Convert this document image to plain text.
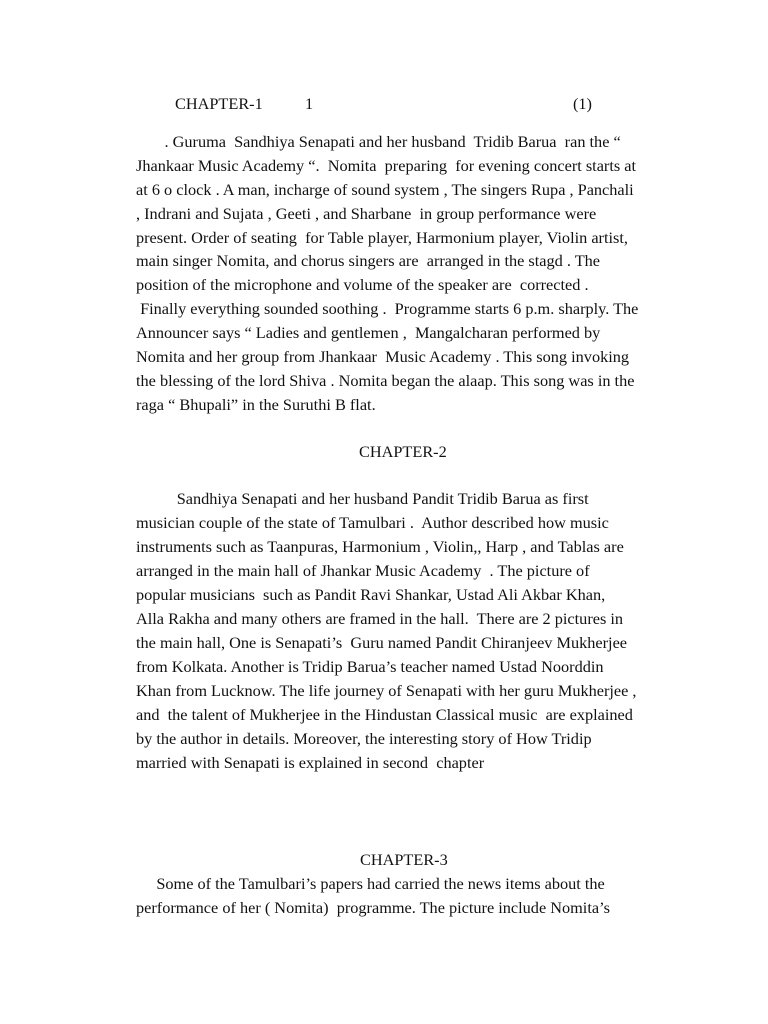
CHAPTER-1	1	(1)
. Guruma  Sandhiya Senapati and her husband  Tridib Barua  ran the “
Jhankaar Music Academy “.  Nomita  preparing  for evening concert starts at
at 6 o clock . A man, incharge of sound system , The singers Rupa , Panchali
, Indrani and Sujata , Geeti , and Sharbane  in group performance were
present. Order of seating  for Table player, Harmonium player, Violin artist,
main singer Nomita, and chorus singers are  arranged in the stagd . The
position of the microphone and volume of the speaker are  corrected .
Finally everything sounded soothing .  Programme starts 6 p.m. sharply. The
Announcer says “ Ladies and gentlemen ,  Mangalcharan performed by
Nomita and her group from Jhankaar  Music Academy . This song invoking
the blessing of the lord Shiva . Nomita began the alaap. This song was in the
raga “ Bhupali” in the Suruthi B flat.
CHAPTER-2
Sandhiya Senapati and her husband Pandit Tridib Barua as first
musician couple of the state of Tamulbari .  Author described how music
instruments such as Taanpuras, Harmonium , Violin,, Harp , and Tablas are
arranged in the main hall of Jhankar Music Academy  . The picture of
popular musicians  such as Pandit Ravi Shankar, Ustad Ali Akbar Khan,
Alla Rakha and many others are framed in the hall.  There are 2 pictures in
the main hall, One is Senapati’s  Guru named Pandit Chiranjeev Mukherjee
from Kolkata. Another is Tridip Barua’s teacher named Ustad Noorddin
Khan from Lucknow. The life journey of Senapati with her guru Mukherjee ,
and  the talent of Mukherjee in the Hindustan Classical music  are explained
by the author in details. Moreover, the interesting story of How Tridip
married with Senapati is explained in second  chapter
CHAPTER-3
Some of the Tamulbari’s papers had carried the news items about the
performance of her ( Nomita)  programme. The picture include Nomita’s
